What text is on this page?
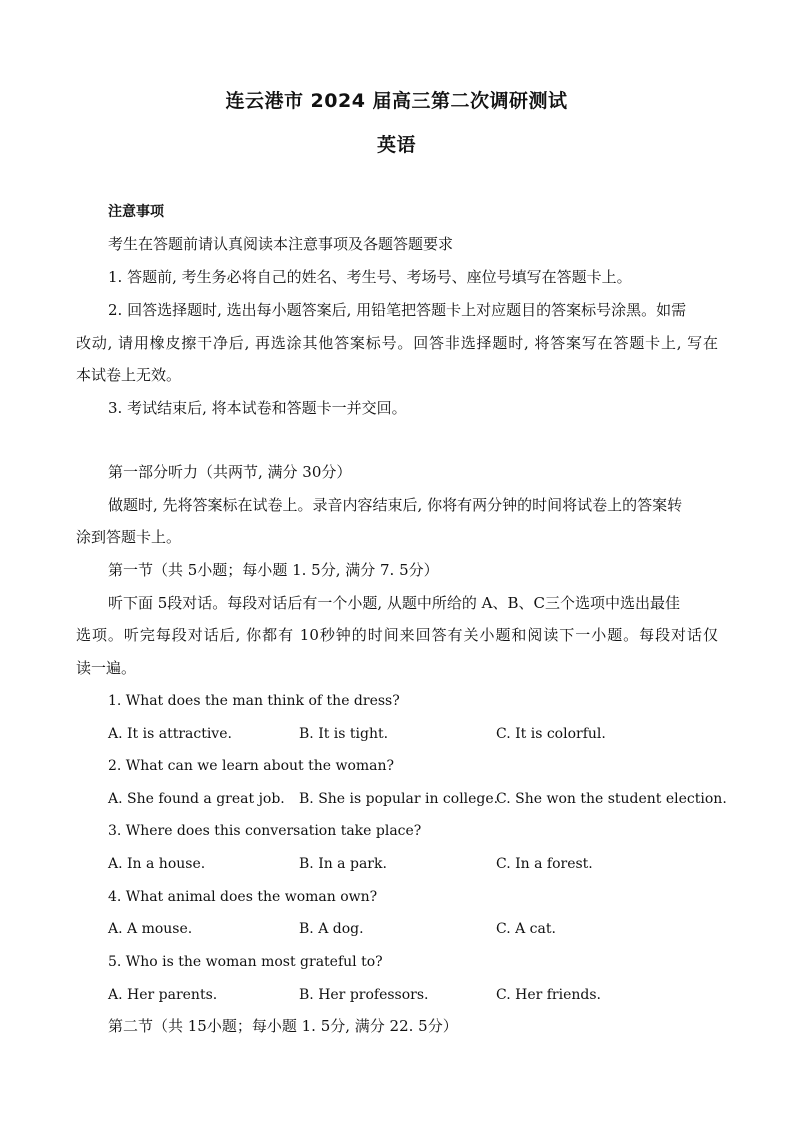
连云港市 2024 届高三第二次调研测试
英语
注意事项
考生在答题前请认真阅读本注意事项及各题答题要求
1. 答题前, 考生务必将自己的姓名、考生号、考场号、座位号填写在答题卡上。
2. 回答选择题时, 选出每小题答案后, 用铅笔把答题卡上对应题目的答案标号涂黑。如需
改动, 请用橡皮擦干净后, 再选涂其他答案标号。回答非选择题时, 将答案写在答题卡上, 写在
本试卷上无效。
3. 考试结束后, 将本试卷和答题卡一并交回。
第一部分听力（共两节, 满分 30分）
做题时, 先将答案标在试卷上。录音内容结束后, 你将有两分钟的时间将试卷上的答案转
涂到答题卡上。
第一节（共 5小题；每小题 1. 5分, 满分 7. 5分）
听下面 5段对话。每段对话后有一个小题, 从题中所给的 A、B、C三个选项中选出最佳
选项。听完每段对话后, 你都有 10秒钟的时间来回答有关小题和阅读下一小题。每段对话仅
读一遍。
1. What does the man think of the dress?
A. It is attractive.	B. It is tight.	C. It is colorful.
2. What can we learn about the woman?
A. She found a great job. B. She is popular in college.
C. She won the student election.
3. Where does this conversation take place?
A. In a house.	B. In a park.	C. In a forest.
4. What animal does the woman own?
A. A mouse.	B. A dog.	C. A cat.
5. Who is the woman most grateful to?
A. Her parents.	B. Her professors.	C. Her friends.
第二节（共 15小题；每小题 1. 5分, 满分 22. 5分）
